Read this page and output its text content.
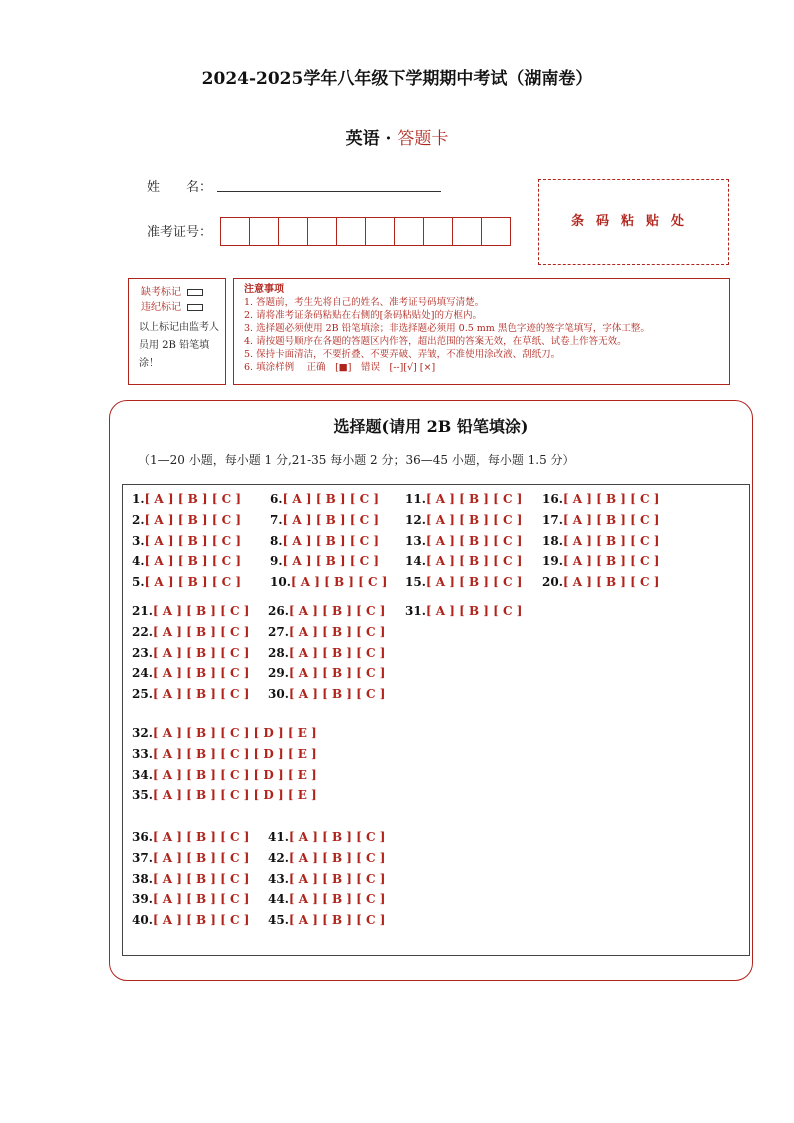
2024-2025学年八年级下学期期中考试（湖南卷）
英语 · 答题卡
姓　　名：
准考证号：
条码粘贴处
缺考标记
违纪标记
以上标记由监考人员用 2B 铅笔填涂！
注意事项
1. 答题前，考生先将自己的姓名、准考证号码填写清楚。
2. 请将准考证条码粘贴在右侧的[条码粘贴处]的方框内。
3. 选择题必须使用 2B 铅笔填涂；非选择题必须用 0.5 mm 黑色字迹的签字笔填写，字体工整。
4. 请按题号顺序在各题的答题区内作答，超出范围的答案无效，在草纸、试卷上作答无效。
5. 保持卡面清洁，不要折叠、不要弄破、弄皱，不准使用涂改液、刮纸刀。
6. 填涂样例　 正确　[■]　错误　[--][√] [×]
选择题(请用 2B 铅笔填涂)
（1—20 小题，每小题 1 分,21-35 每小题 2 分；36—45 小题，每小题 1.5 分）
1.[ A ] [ B ] [ C ]
2.[ A ] [ B ] [ C ]
3.[ A ] [ B ] [ C ]
4.[ A ] [ B ] [ C ]
5.[ A ] [ B ] [ C ]
6.[ A ] [ B ] [ C ]
7.[ A ] [ B ] [ C ]
8.[ A ] [ B ] [ C ]
9.[ A ] [ B ] [ C ]
10.[ A ] [ B ] [ C ]
11.[ A ] [ B ] [ C ]
12.[ A ] [ B ] [ C ]
13.[ A ] [ B ] [ C ]
14.[ A ] [ B ] [ C ]
15.[ A ] [ B ] [ C ]
16.[ A ] [ B ] [ C ]
17.[ A ] [ B ] [ C ]
18.[ A ] [ B ] [ C ]
19.[ A ] [ B ] [ C ]
20.[ A ] [ B ] [ C ]
21.[ A ] [ B ] [ C ]
22.[ A ] [ B ] [ C ]
23.[ A ] [ B ] [ C ]
24.[ A ] [ B ] [ C ]
25.[ A ] [ B ] [ C ]
26.[ A ] [ B ] [ C ]
27.[ A ] [ B ] [ C ]
28.[ A ] [ B ] [ C ]
29.[ A ] [ B ] [ C ]
30.[ A ] [ B ] [ C ]
31.[ A ] [ B ] [ C ]
32.[ A ] [ B ] [ C ] [ D ] [ E ]
33.[ A ] [ B ] [ C ] [ D ] [ E ]
34.[ A ] [ B ] [ C ] [ D ] [ E ]
35.[ A ] [ B ] [ C ] [ D ] [ E ]
36.[ A ] [ B ] [ C ]
37.[ A ] [ B ] [ C ]
38.[ A ] [ B ] [ C ]
39.[ A ] [ B ] [ C ]
40.[ A ] [ B ] [ C ]
41.[ A ] [ B ] [ C ]
42.[ A ] [ B ] [ C ]
43.[ A ] [ B ] [ C ]
44.[ A ] [ B ] [ C ]
45.[ A ] [ B ] [ C ]
